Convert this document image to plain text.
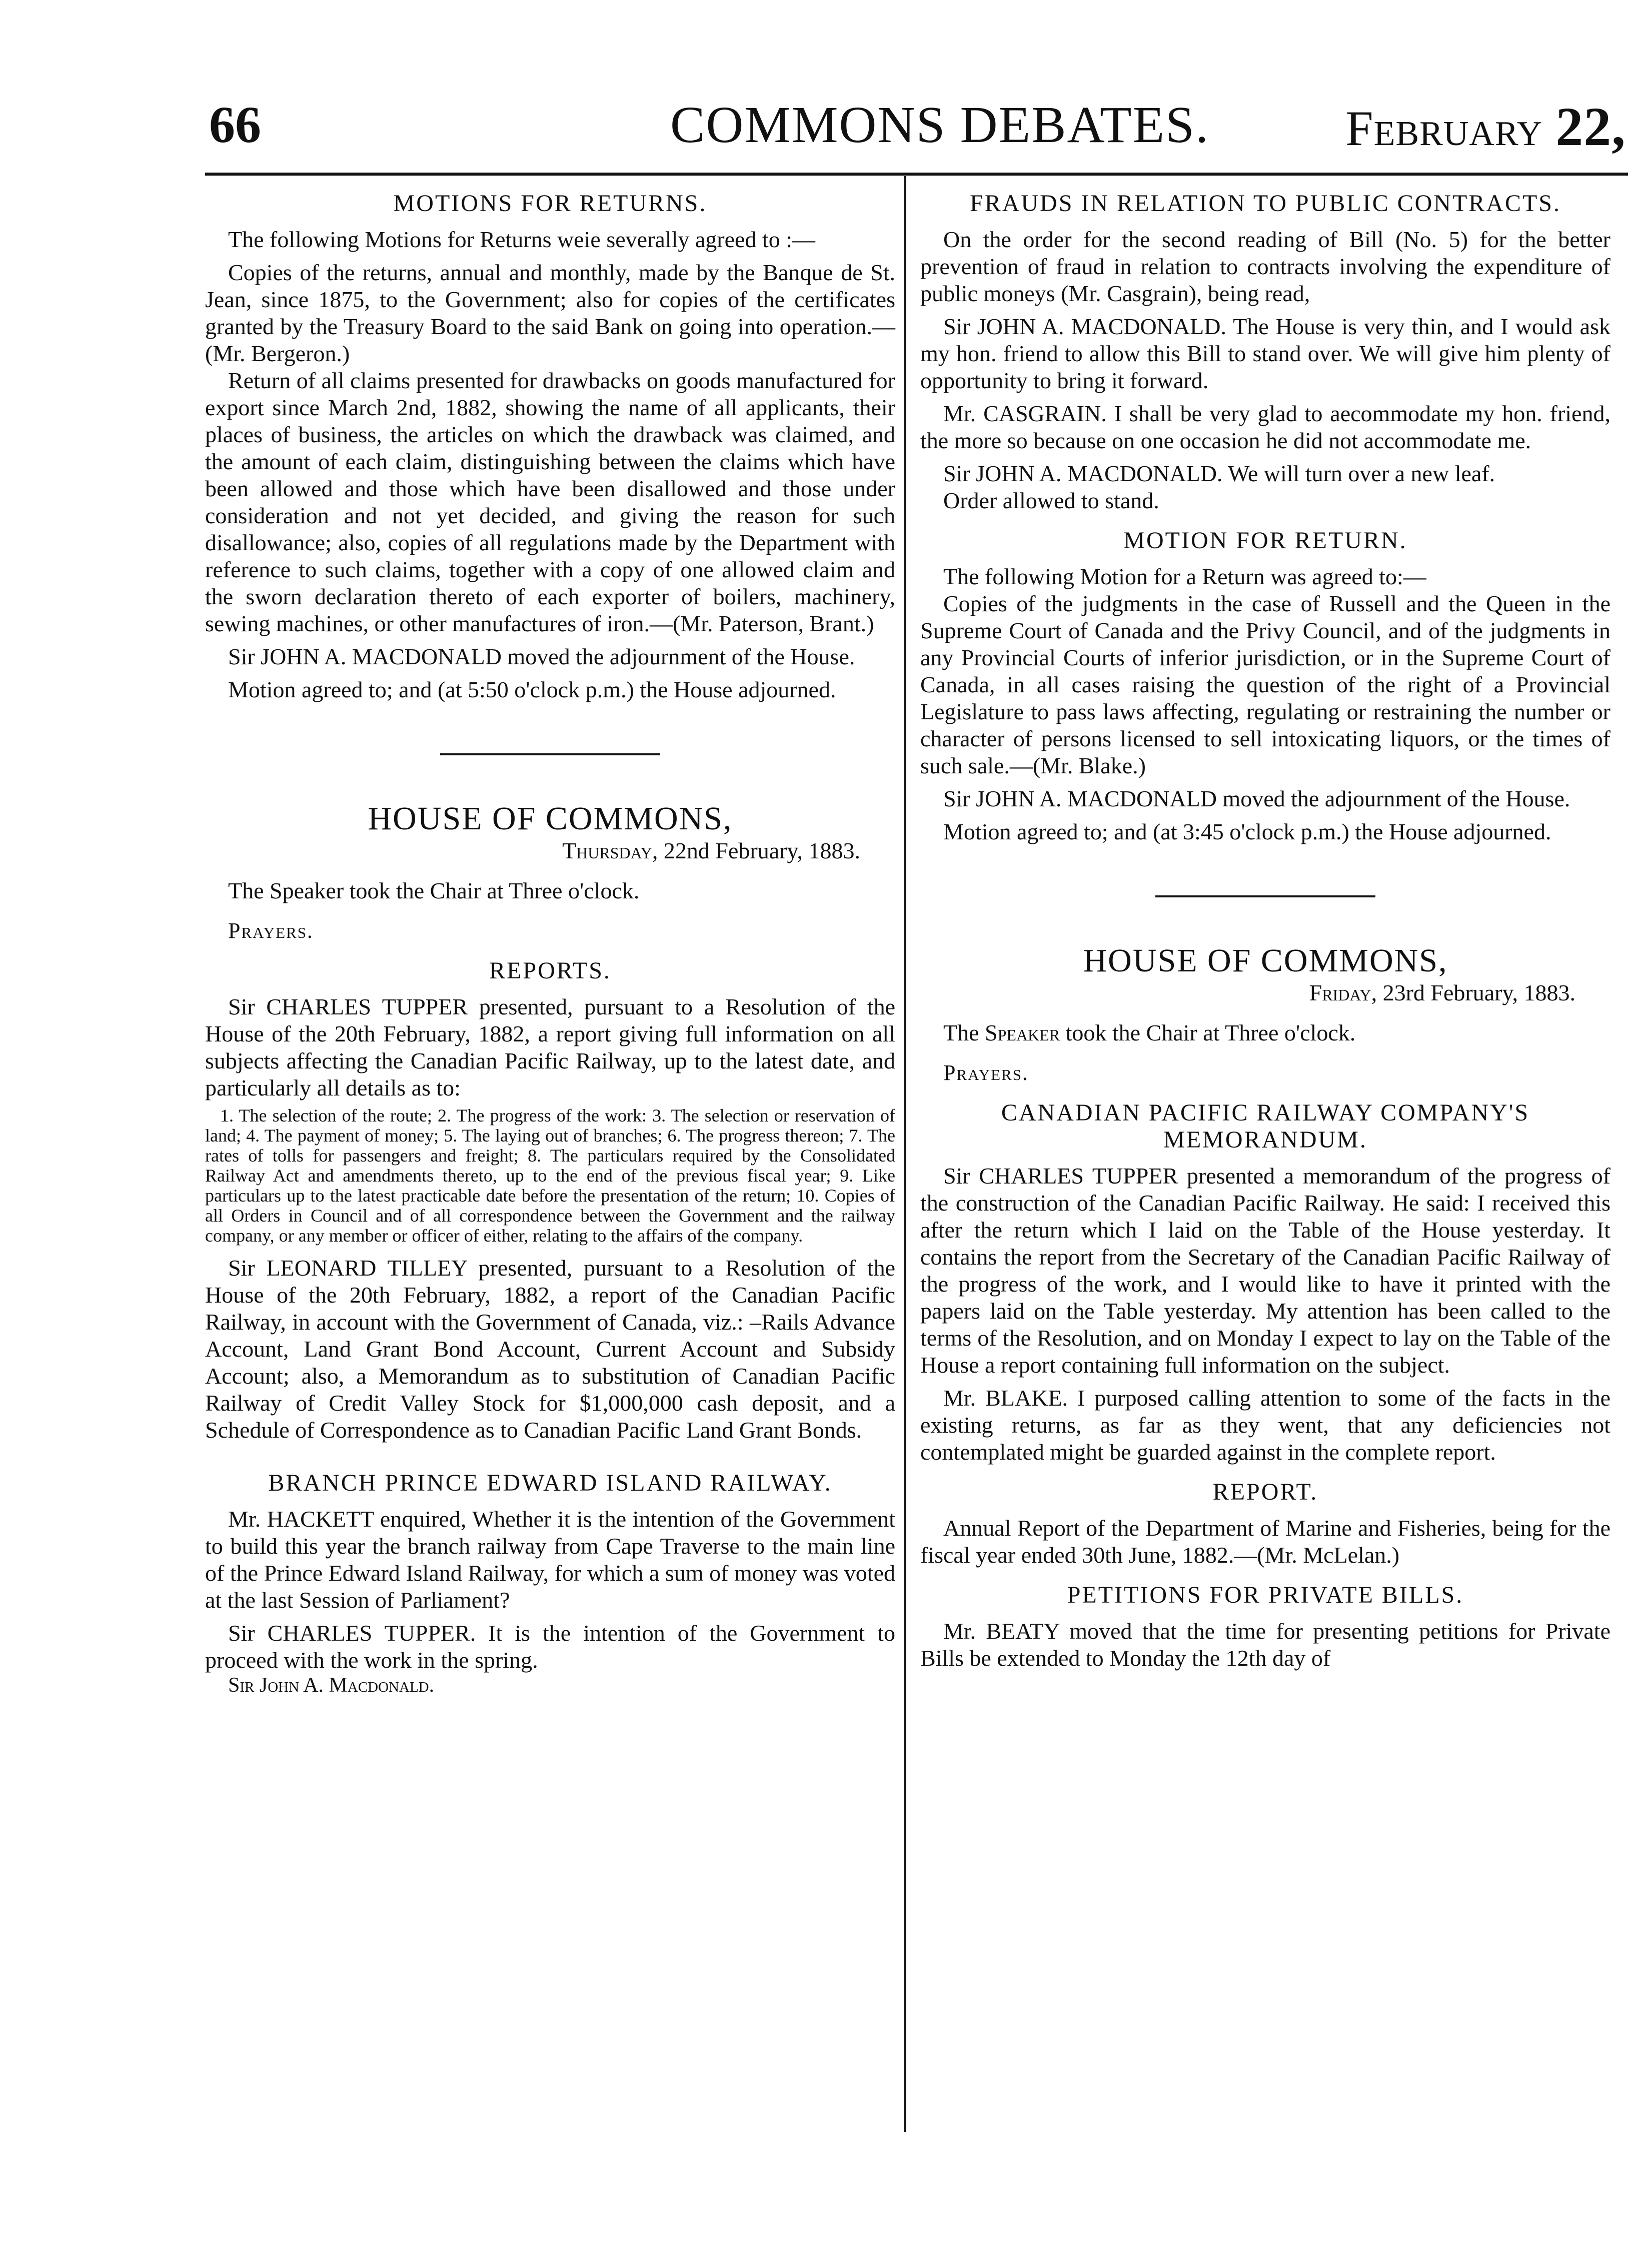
66	COMMONS DEBATES.	February 22,
MOTIONS FOR RETURNS.

The following Motions for Returns weie severally agreed to :—

Copies of the returns, annual and monthly, made by the Banque de St. Jean, since 1875, to the Government; also for copies of the certificates granted by the Treasury Board to the said Bank on going into operation.—(Mr. Bergeron.)

Return of all claims presented for drawbacks on goods manufactured for export since March 2nd, 1882, showing the name of all applicants, their places of business, the articles on which the drawback was claimed, and the amount of each claim, distinguishing between the claims which have been allowed and those which have been disallowed and those under consideration and not yet decided, and giving the reason for such disallowance; also, copies of all regulations made by the Department with reference to such claims, together with a copy of one allowed claim and the sworn declaration thereto of each exporter of boilers, machinery, sewing machines, or other manufactures of iron.—(Mr. Paterson, Brant.)

Sir JOHN A. MACDONALD moved the adjournment of the House.

Motion agreed to; and (at 5:50 o'clock p.m.) the House adjourned.

HOUSE OF COMMONS,
Thursday, 22nd February, 1883.

The Speaker took the Chair at Three o'clock.

Prayers.
REPORTS.

Sir CHARLES TUPPER presented, pursuant to a Resolution of the House of the 20th February, 1882, a report giving full information on all subjects affecting the Canadian Pacific Railway, up to the latest date, and particularly all details as to:

1. The selection of the route; 2. The progress of the work: 3. The selection or reservation of land; 4. The payment of money; 5. The laying out of branches; 6. The progress thereon; 7. The rates of tolls for passengers and freight; 8. The particulars required by the Consolidated Railway Act and amendments thereto, up to the end of the previous fiscal year; 9. Like particulars up to the latest practicable date before the presentation of the return; 10. Copies of all Orders in Council and of all correspondence between the Government and the railway company, or any member or officer of either, relating to the affairs of the company.

Sir LEONARD TILLEY presented, pursuant to a Resolution of the House of the 20th February, 1882, a report of the Canadian Pacific Railway, in account with the Government of Canada, viz.: –Rails Advance Account, Land Grant Bond Account, Current Account and Subsidy Account; also, a Memorandum as to substitution of Canadian Pacific Railway of Credit Valley Stock for $1,000,000 cash deposit, and a Schedule of Correspondence as to Canadian Pacific Land Grant Bonds.

BRANCH PRINCE EDWARD ISLAND RAILWAY.

Mr. HACKETT enquired, Whether it is the intention of the Government to build this year the branch railway from Cape Traverse to the main line of the Prince Edward Island Railway, for which a sum of money was voted at the last Session of Parliament?

Sir CHARLES TUPPER. It is the intention of the Government to proceed with the work in the spring.

Sir John A. Macdonald.
FRAUDS IN RELATION TO PUBLIC CONTRACTS.

On the order for the second reading of Bill (No. 5) for the better prevention of fraud in relation to contracts involving the expenditure of public moneys (Mr. Casgrain), being read,

Sir JOHN A. MACDONALD. The House is very thin, and I would ask my hon. friend to allow this Bill to stand over. We will give him plenty of opportunity to bring it forward.

Mr. CASGRAIN. I shall be very glad to aecommodate my hon. friend, the more so because on one occasion he did not accommodate me.

Sir JOHN A. MACDONALD. We will turn over a new leaf.

Order allowed to stand.

MOTION FOR RETURN.

The following Motion for a Return was agreed to:—

Copies of the judgments in the case of Russell and the Queen in the Supreme Court of Canada and the Privy Council, and of the judgments in any Provincial Courts of inferior jurisdiction, or in the Supreme Court of Canada, in all cases raising the question of the right of a Provincial Legislature to pass laws affecting, regulating or restraining the number or character of persons licensed to sell intoxicating liquors, or the times of such sale.—(Mr. Blake.)

Sir JOHN A. MACDONALD moved the adjournment of the House.

Motion agreed to; and (at 3:45 o'clock p.m.) the House adjourned.

HOUSE OF COMMONS,
Friday, 23rd February, 1883.

The Speaker took the Chair at Three o'clock.

Prayers.
CANADIAN PACIFIC RAILWAY COMPANY'S MEMORANDUM.

Sir CHARLES TUPPER presented a memorandum of the progress of the construction of the Canadian Pacific Railway. He said: I received this after the return which I laid on the Table of the House yesterday. It contains the report from the Secretary of the Canadian Pacific Railway of the progress of the work, and I would like to have it printed with the papers laid on the Table yesterday. My attention has been called to the terms of the Resolution, and on Monday I expect to lay on the Table of the House a report containing full information on the subject.

Mr. BLAKE. I purposed calling attention to some of the facts in the existing returns, as far as they went, that any deficiencies not contemplated might be guarded against in the complete report.

REPORT.

Annual Report of the Department of Marine and Fisheries, being for the fiscal year ended 30th June, 1882.—(Mr. McLelan.)

PETITIONS FOR PRIVATE BILLS.

Mr. BEATY moved that the time for presenting petitions for Private Bills be extended to Monday the 12th day of
